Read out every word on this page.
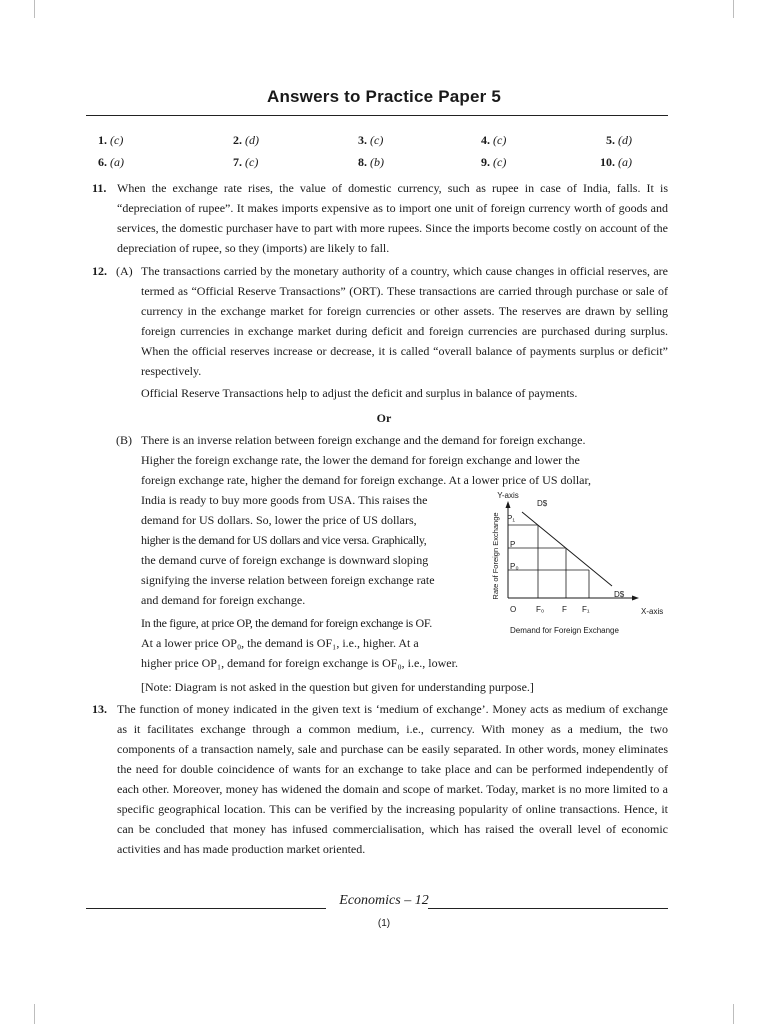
Answers to Practice Paper 5
1. (c)	2. (d)	3. (c)	4. (c)	5. (d)
6. (a)	7. (c)	8. (b)	9. (c)	10. (a)
11. When the exchange rate rises, the value of domestic currency, such as rupee in case of India, falls. It is “depreciation of rupee”. It makes imports expensive as to import one unit of foreign currency worth of goods and services, the domestic purchaser have to part with more rupees. Since the imports become costly on account of the depreciation of rupee, so they (imports) are likely to fall.

12. (A) The transactions carried by the monetary authority of a country, which cause changes in official reserves, are termed as “Official Reserve Transactions” (ORT). These transactions are carried through purchase or sale of currency in the exchange market for foreign currencies or other assets. The reserves are drawn by selling foreign currencies in exchange market during deficit and foreign currencies are purchased during surplus. When the official reserves increase or decrease, it is called “overall balance of payments surplus or deficit” respectively.

Official Reserve Transactions help to adjust the deficit and surplus in balance of payments.

Or
(B) There is an inverse relation between foreign exchange and the demand for foreign exchange.
Higher the foreign exchange rate, the lower the demand for foreign exchange and lower the
foreign exchange rate, higher the demand for foreign exchange. At a lower price of US dollar,
India is ready to buy more goods from USA. This raises the
demand for US dollars. So, lower the price of US dollars,
higher is the demand for US dollars and vice versa. Graphically,
the demand curve of foreign exchange is downward sloping
signifying the inverse relation between foreign exchange rate
and demand for foreign exchange.
In the figure, at price OP, the demand for foreign exchange is OF.
At a lower price OP₀, the demand is OF₁, i.e., higher. At a
higher price OP₁, demand for foreign exchange is OF₀, i.e., lower.
[Note: Diagram is not asked in the question but given for understanding purpose.]
Y-axis
X-axis
O
D$
D$
P₁
P
P₀
F₀ F F₁
Demand for Foreign Exchange
Rate of Foreign Exchange
13. The function of money indicated in the given text is ‘medium of exchange’. Money acts as medium of exchange as it facilitates exchange through a common medium, i.e., currency. With money as a medium, the two components of a transaction namely, sale and purchase can be easily separated. In other words, money eliminates the need for double coincidence of wants for an exchange to take place and can be performed independently of each other. Moreover, money has widened the domain and scope of market. Today, market is no more limited to a specific geographical location. This can be verified by the increasing popularity of online transactions. Hence, it can be concluded that money has infused commercialisation, which has raised the overall level of economic activities and has made production market oriented.

Economics – 12
(1)
